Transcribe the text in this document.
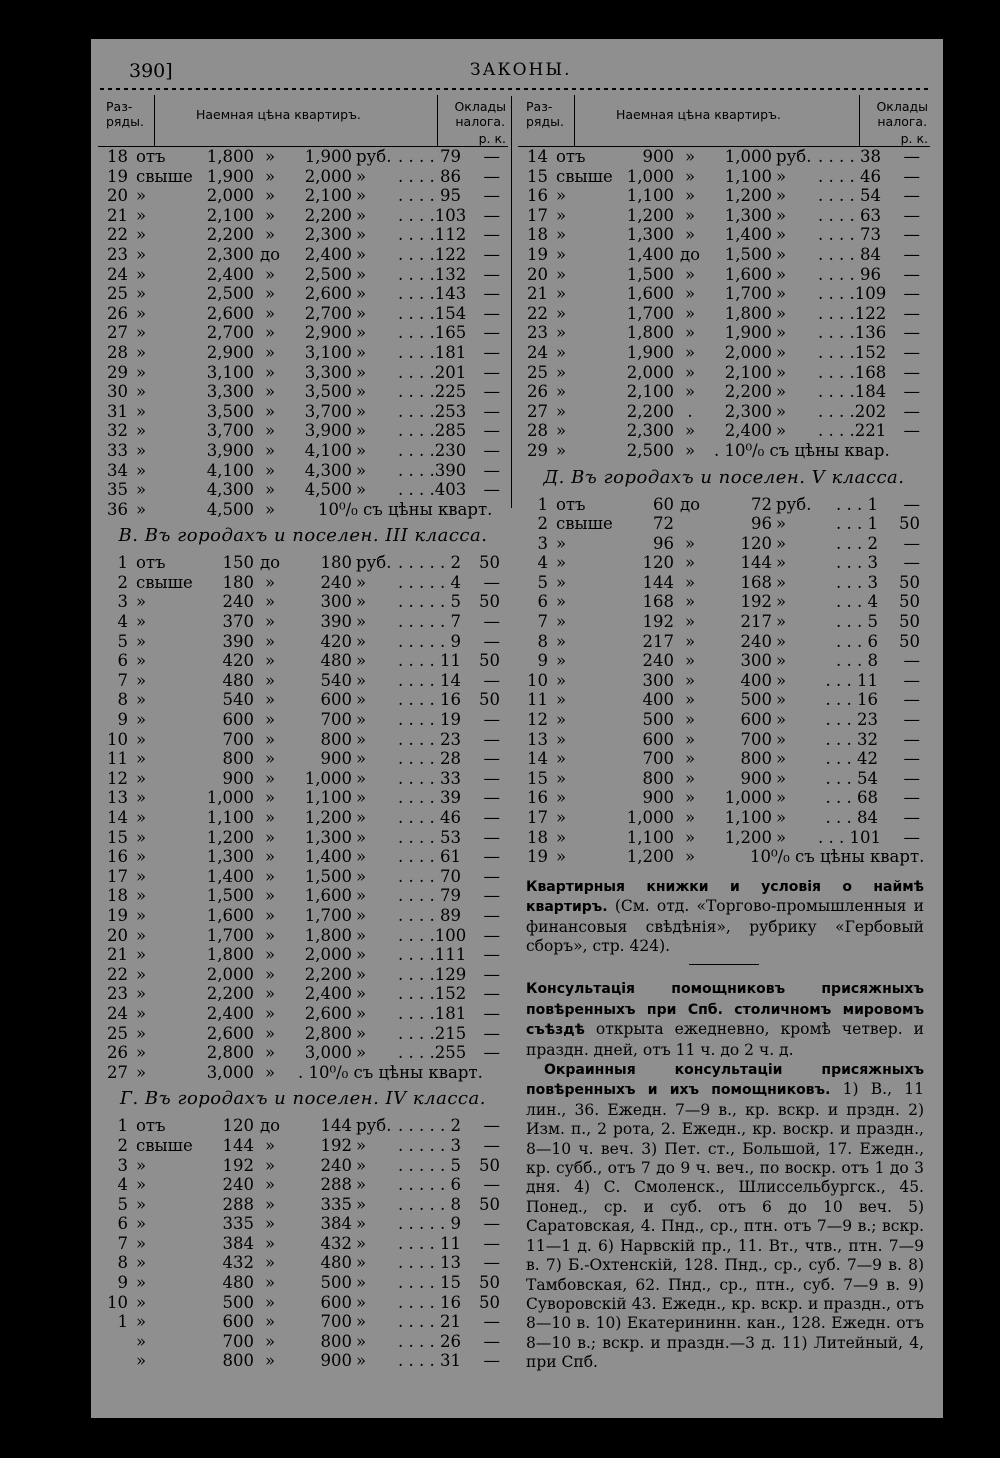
390]	ЗАКОНЫ.
Раз-
ряды.	Наемная цѣна квартиръ.
Оклады
налога.
р. к.
18 отъ	1,800 »	1,900 руб. . . . . 79	—
19 свыше 1,900 »	2,000 »	. . . . 86	—
20 »	2,000 »	2,100 »	. . . . 95	—
21 »	2,100 »	2,200 »	. . . .103	—
22 »	2,200 »	2,300 »	. . . .112	—
23 »	2,300 до	2,400 »	. . . .122	—
24 »	2,400 »	2,500 »	. . . .132	—
25 »	2,500 »	2,600 »	. . . .143	—
26 »	2,600 »	2,700 »	. . . .154	—
27 »	2,700 »	2,900 »	. . . .165	—
28 »	2,900 »	3,100 »	. . . .181	—
29 »	3,100 »	3,300 »	. . . .201	—
30 »	3,300 »	3,500 »	. . . .225	—
31 »	3,500 »	3,700 »	. . . .253	—
32 »	3,700 »	3,900 »	. . . .285	—
33 »	3,900 »	4,100 »	. . . .230	—
34 »	4,100 »	4,300 »	. . . .390	—
35 »	4,300 »	4,500 »	. . . .403	—
36 »	4,500 »	10⁰/₀ съ цѣны кварт.
В. Въ городахъ и поселен. III класса.
1 отъ	150 до	180 руб. . . . . . 2	50
2 свыше	180 »	240 »	. . . . . 4	—
3 »	240 »	300 »	. . . . . 5	50
4 »	370 »	390 »	. . . . . 7	—
5 »	390 »	420 »	. . . . . 9	—
6 »	420 »	480 »	. . . . 11	50
7 »	480 »	540 »	. . . . 14	—
8 »	540 »	600 »	. . . . 16	50
9 »	600 »	700 »	. . . . 19	—
10 »	700 »	800 »	. . . . 23	—
11 »	800 »	900 »	. . . . 28	—
12 »	900 »	1,000 »	. . . . 33	—
13 »	1,000 »	1,100 »	. . . . 39	—
14 »	1,100 »	1,200 »	. . . . 46	—
15 »	1,200 »	1,300 »	. . . . 53	—
16 »	1,300 »	1,400 »	. . . . 61	—
17 »	1,400 »	1,500 »	. . . . 70	—
18 »	1,500 »	1,600 »	. . . . 79	—
19 »	1,600 »	1,700 »	. . . . 89	—
20 »	1,700 »	1,800 »	. . . .100	—
21 »	1,800 »	2,000 »	. . . .111	—
22 »	2,000 »	2,200 »	. . . .129	—
23 »	2,200 »	2,400 »	. . . .152	—
24 »	2,400 »	2,600 »	. . . .181	—
25 »	2,600 »	2,800 »	. . . .215	—
26 »	2,800 »	3,000 »	. . . .255	—
27 »	3,000 »	. 10⁰/₀ съ цѣны кварт.
Г. Въ городахъ и поселен. IV класса.
1 отъ	120 до	144 руб. . . . . . 2	—
2 свыше	144 »	192 »	. . . . . 3	—
3 »	192 »	240 »	. . . . . 5	50
4 »	240 »	288 »	. . . . . 6	—
5 »	288 »	335 »	. . . . . 8	50
6 »	335 »	384 »	. . . . . 9	—
7 »	384 »	432 »	. . . . 11	—
8 »	432 »	480 »	. . . . 13	—
9 »	480 »	500 »	. . . . 15	50
10 »	500 »	600 »	. . . . 16	50
1 »	600 »	700 »	. . . . 21	—
»	700 »	800 »	. . . . 26	—
»	800 »	900 »	. . . . 31	—
Раз-
ряды.	Наемная цѣна квартиръ.
Оклады
налога.
р. к.
14 отъ	900 »	1,000 руб. . . . . 38	—
15 свыше 1,000 »	1,100 »	. . . . 46	—
16 »	1,100 »	1,200 »	. . . . 54	—
17 »	1,200 »	1,300 »	. . . . 63	—
18 »	1,300 »	1,400 »	. . . . 73	—
19 »	1,400 до	1,500 »	. . . . 84	—
20 »	1,500 »	1,600 »	. . . . 96	—
21 »	1,600 »	1,700 »	. . . .109	—
22 »	1,700 »	1,800 »	. . . .122	—
23 »	1,800 »	1,900 »	. . . .136	—
24 »	1,900 »	2,000 »	. . . .152	—
25 »	2,000 »	2,100 »	. . . .168	—
26 »	2,100 »	2,200 »	. . . .184	—
27 »	2,200 .	2,300 »	. . . .202	—
28 »	2,300 »	2,400 »	. . . .221	—
29 »	2,500 »	. 10⁰/₀ съ цѣны квар.
Д. Въ городахъ и поселен. V класса.
1 отъ	60 до	72 руб.	. . . 1	—
2 свыше	72	96 »	. . . 1	50
3 »	96 »	120 »	. . . 2	—
4 »	120 »	144 »	. . . 3	—
5 »	144 »	168 »	. . . 3	50
6 »	168 »	192 »	. . . 4	50
7 »	192 »	217 »	. . . 5	50
8 »	217 »	240 »	. . . 6	50
9 »	240 »	300 »	. . . 8	—
10 »	300 »	400 »	. . . 11	—
11 »	400 »	500 »	. . . 16	—
12 »	500 »	600 »	. . . 23	—
13 »	600 »	700 »	. . . 32	—
14 »	700 »	800 »	. . . 42	—
15 »	800 »	900 »	. . . 54	—
16 »	900 »	1,000 »	. . . 68	—
17 »	1,000 »	1,100 »	. . . 84	—
18 »	1,100 »	1,200 »	. . . 101	—
19 »	1,200 »	10⁰/₀ съ цѣны кварт.
Квартирныя книжки и условія о наймѣ квартиръ. (См. отд. «Торгово-промышленныя и финансовыя свѣдѣнія», рубрику «Гербовый сборъ», стр. 424).
Консультація помощниковъ присяжныхъ повѣренныхъ при Спб. столичномъ мировомъ съѣздѣ открыта ежедневно, кромѣ четвер. и праздн. дней, отъ 11 ч. до 2 ч. д.
Окраинныя консультаціи присяжныхъ повѣренныхъ и ихъ помощниковъ. 1) В., 11 лин., 36. Ежедн. 7—9 в., кр. вскр. и прздн. 2) Изм. п., 2 рота, 2. Ежедн., кр. воскр. и праздн., 8—10 ч. веч. 3) Пет. ст., Большой, 17. Ежедн., кр. субб., отъ 7 до 9 ч. веч., по воскр. отъ 1 до 3 дня. 4) С. Смоленск., Шлиссельбургск., 45. Понед., ср. и суб. отъ 6 до 10 веч. 5) Саратовская, 4. Пнд., ср., птн. отъ 7—9 в.; вскр. 11—1 д. 6) Нарвскій пр., 11. Вт., чтв., птн. 7—9 в. 7) Б.-Охтенскій, 128. Пнд., ср., суб. 7—9 в. 8) Тамбовская, 62. Пнд., ср., птн., суб. 7—9 в. 9) Суворовскій 43. Ежедн., кр. вскр. и праздн., отъ 8—10 в. 10) Екатерининн. кан., 128. Ежедн. отъ 8—10 в.; вскр. и праздн.—3 д. 11) Литейный, 4, при Спб.
